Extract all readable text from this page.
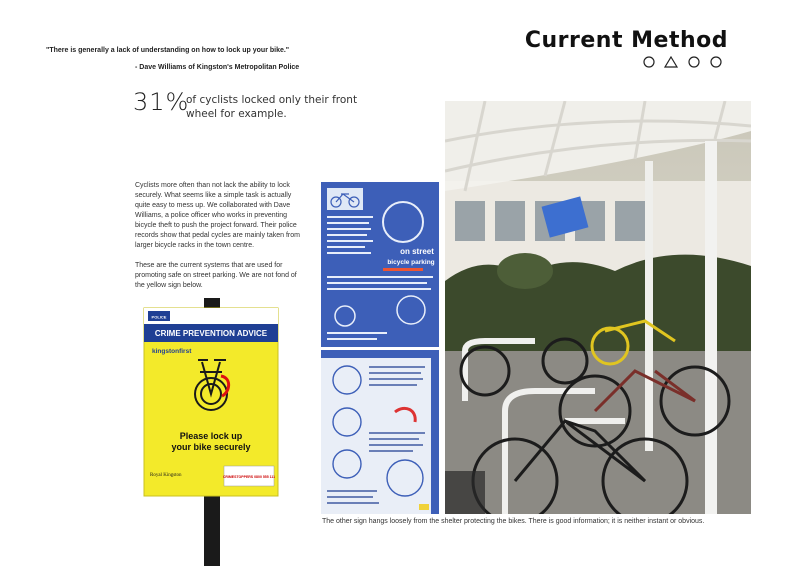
"There is generally a lack of understanding on how to lock up your bike."
- Dave Williams of Kingston's Metropolitan Police
Current Method
31%
of cyclists locked only their front wheel for example.
Cyclists more often than not lack the ability to lock securely. What seems like a simple task is actually quite easy to mess up. We collaborated with Dave Williams, a police officer who works in preventing bicycle theft to push the project forward. Their police records show that pedal cycles are mainly taken from larger bicycle racks in the town centre.
These are the current systems that are used for promoting safe on street parking. We are not fond of the yellow sign below.
POLICE
CRIME PREVENTION ADVICE
kingstonfirst
Please lock up
your bike securely
Royal Kingston	CRIMESTOPPERS 0800 555 111
on street
bicycle parking
The other sign hangs loosely from the shelter protecting the bikes. There is good information; it is neither instant or obvious.
